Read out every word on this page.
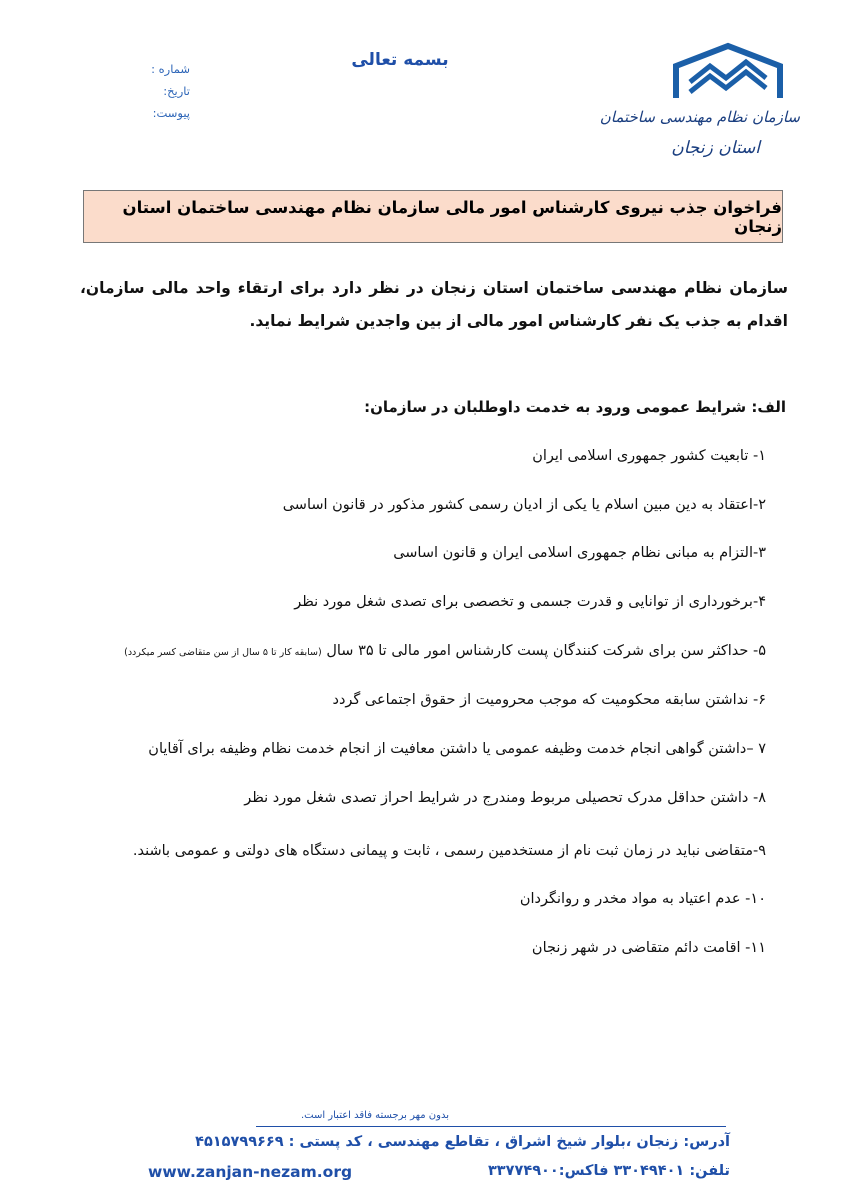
بسمه تعالی
شماره :
تاریخ:
پیوست:	سازمان نظام مهندسی ساختمان
استان زنجان
فراخوان جذب نیروی کارشناس امور مالی سازمان نظام مهندسی ساختمان استان زنجان
سازمان نظام مهندسی ساختمان استان زنجان در نظر دارد برای ارتقاء واحد مالی سازمان، اقدام به جذب یک نفر کارشناس امور مالی از بین واجدین شرایط نماید.
الف: شرایط عمومی ورود به خدمت داوطلبان در سازمان:
۱- تابعیت کشور جمهوری اسلامی ایران
۲-اعتقاد به دین مبین اسلام یا یکی از ادیان رسمی کشور مذکور در قانون اساسی
۳-التزام به مبانی نظام جمهوری اسلامی ایران و قانون اساسی
۴-برخورداری از توانایی و قدرت جسمی و تخصصی برای تصدی شغل مورد نظر
۵- حداکثر سن برای شرکت کنندگان پست کارشناس امور مالی تا ۳۵ سال (سابقه کار تا ۵ سال از سن متقاضی کسر میکردد)
۶- نداشتن سابقه محکومیت که موجب محرومیت از حقوق اجتماعی گردد
۷ –داشتن گواهی انجام خدمت وظیفه عمومی یا داشتن معافیت از انجام خدمت نظام وظیفه برای آقایان
۸- داشتن حداقل مدرک تحصیلی مربوط ومندرج در شرایط احراز تصدی شغل مورد نظر
۹-متقاضی نباید در زمان ثبت نام از مستخدمین رسمی ، ثابت و پیمانی دستگاه های دولتی و عمومی باشند.
۱۰- عدم اعتیاد به مواد مخدر و روانگردان
۱۱- اقامت دائم متقاضی در شهر زنجان
بدون مهر برجسته فاقد اعتبار است.
آدرس: زنجان ،بلوار شیخ اشراق ، تقاطع مهندسی ، کد پستی : ۴۵۱۵۷۹۹۶۶۹
تلفن: ۳۳۰۴۹۴۰۱ فاکس:۳۳۷۷۴۹۰۰
www.zanjan-nezam.org
